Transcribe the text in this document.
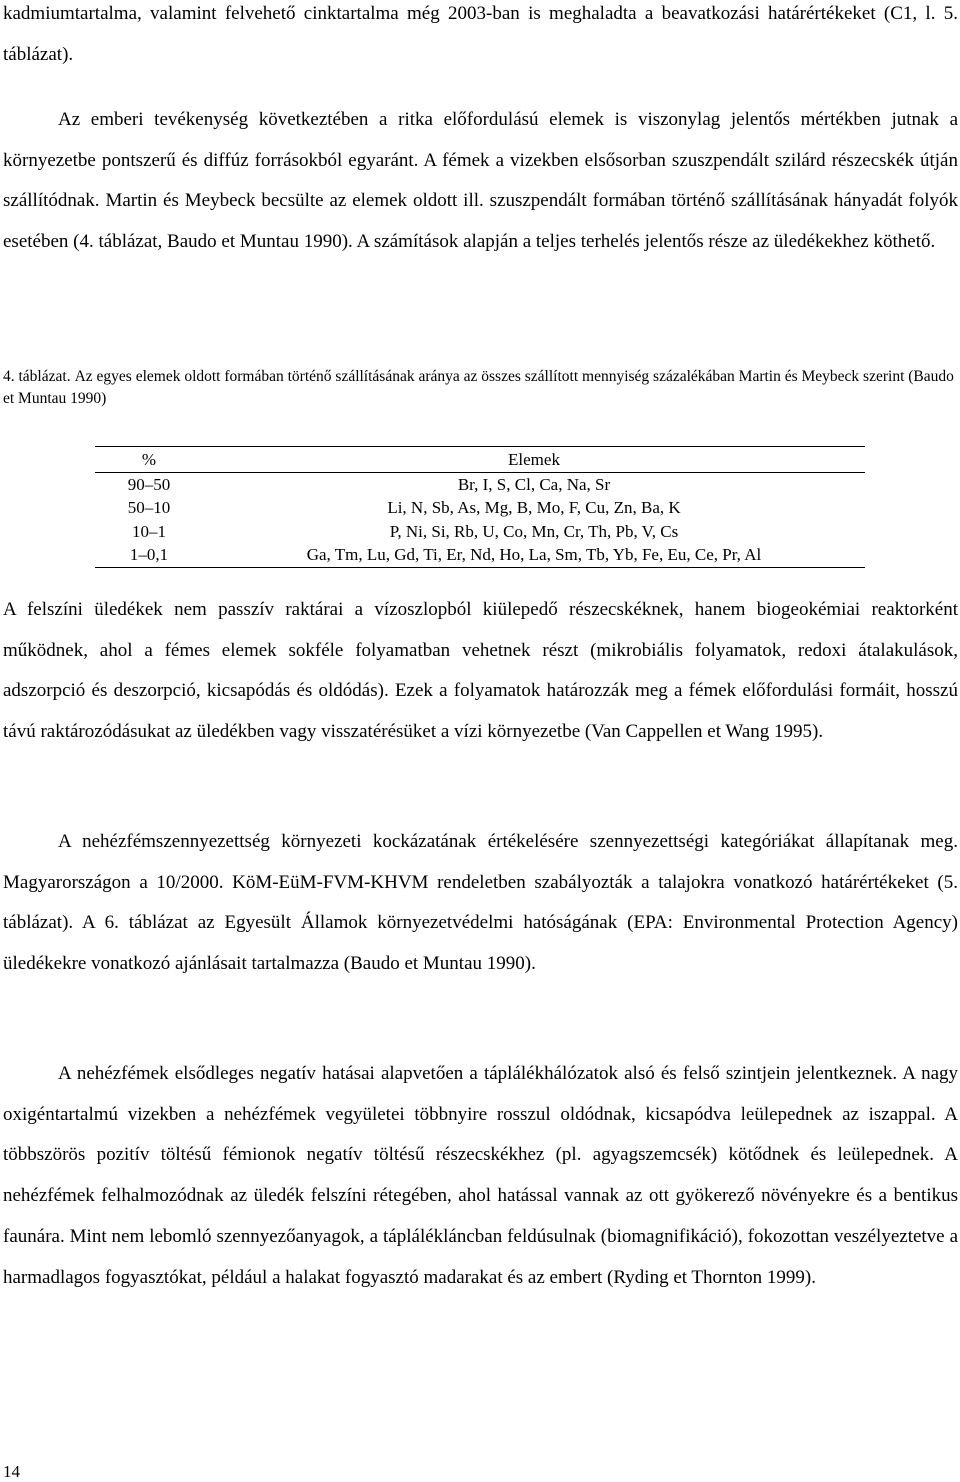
kadmiumtartalma, valamint felvehető cinktartalma még 2003-ban is meghaladta a beavatkozási határértékeket (C1, l. 5. táblázat).

Az emberi tevékenység következtében a ritka előfordulású elemek is viszonylag jelentős mértékben jutnak a környezetbe pontszerű és diffúz forrásokból egyaránt. A fémek a vizekben elsősorban szuszpendált szilárd részecskék útján szállítódnak. Martin és Meybeck becsülte az elemek oldott ill. szuszpendált formában történő szállításának hányadát folyók esetében (4. táblázat, Baudo et Muntau 1990). A számítások alapján a teljes terhelés jelentős része az üledékekhez köthető.

4. táblázat. Az egyes elemek oldott formában történő szállításának aránya az összes szállított mennyiség százalékában Martin és Meybeck szerint (Baudo et Muntau 1990)

%	Elemek
90–50	Br, I, S, Cl, Ca, Na, Sr
50–10	Li, N, Sb, As, Mg, B, Mo, F, Cu, Zn, Ba, K
10–1	P, Ni, Si, Rb, U, Co, Mn, Cr, Th, Pb, V, Cs
1–0,1	Ga, Tm, Lu, Gd, Ti, Er, Nd, Ho, La, Sm, Tb, Yb, Fe, Eu, Ce, Pr, Al

A felszíni üledékek nem passzív raktárai a vízoszlopból kiülepedő részecskéknek, hanem biogeokémiai reaktorként működnek, ahol a fémes elemek sokféle folyamatban vehetnek részt (mikrobiális folyamatok, redoxi átalakulások, adszorpció és deszorpció, kicsapódás és oldódás). Ezek a folyamatok határozzák meg a fémek előfordulási formáit, hosszú távú raktározódásukat az üledékben vagy visszatérésüket a vízi környezetbe (Van Cappellen et Wang 1995).

A nehézfémszennyezettség környezeti kockázatának értékelésére szennyezettségi kategóriákat állapítanak meg. Magyarországon a 10/2000. KöM-EüM-FVM-KHVM rendeletben szabályozták a talajokra vonatkozó határértékeket (5. táblázat). A 6. táblázat az Egyesült Államok környezetvédelmi hatóságának (EPA: Environmental Protection Agency) üledékekre vonatkozó ajánlásait tartalmazza (Baudo et Muntau 1990).

A nehézfémek elsődleges negatív hatásai alapvetően a táplálékhálózatok alsó és felső szintjein jelentkeznek. A nagy oxigéntartalmú vizekben a nehézfémek vegyületei többnyire rosszul oldódnak, kicsapódva leülepednek az iszappal. A többszörös pozitív töltésű fémionok negatív töltésű részecskékhez (pl. agyagszemcsék) kötődnek és leülepednek. A nehézfémek felhalmozódnak az üledék felszíni rétegében, ahol hatással vannak az ott gyökerező növényekre és a bentikus faunára. Mint nem lebomló szennyezőanyagok, a táplálékláncban feldúsulnak (biomagnifikáció), fokozottan veszélyeztetve a harmadlagos fogyasztókat, például a halakat fogyasztó madarakat és az embert (Ryding et Thornton 1999).

14
